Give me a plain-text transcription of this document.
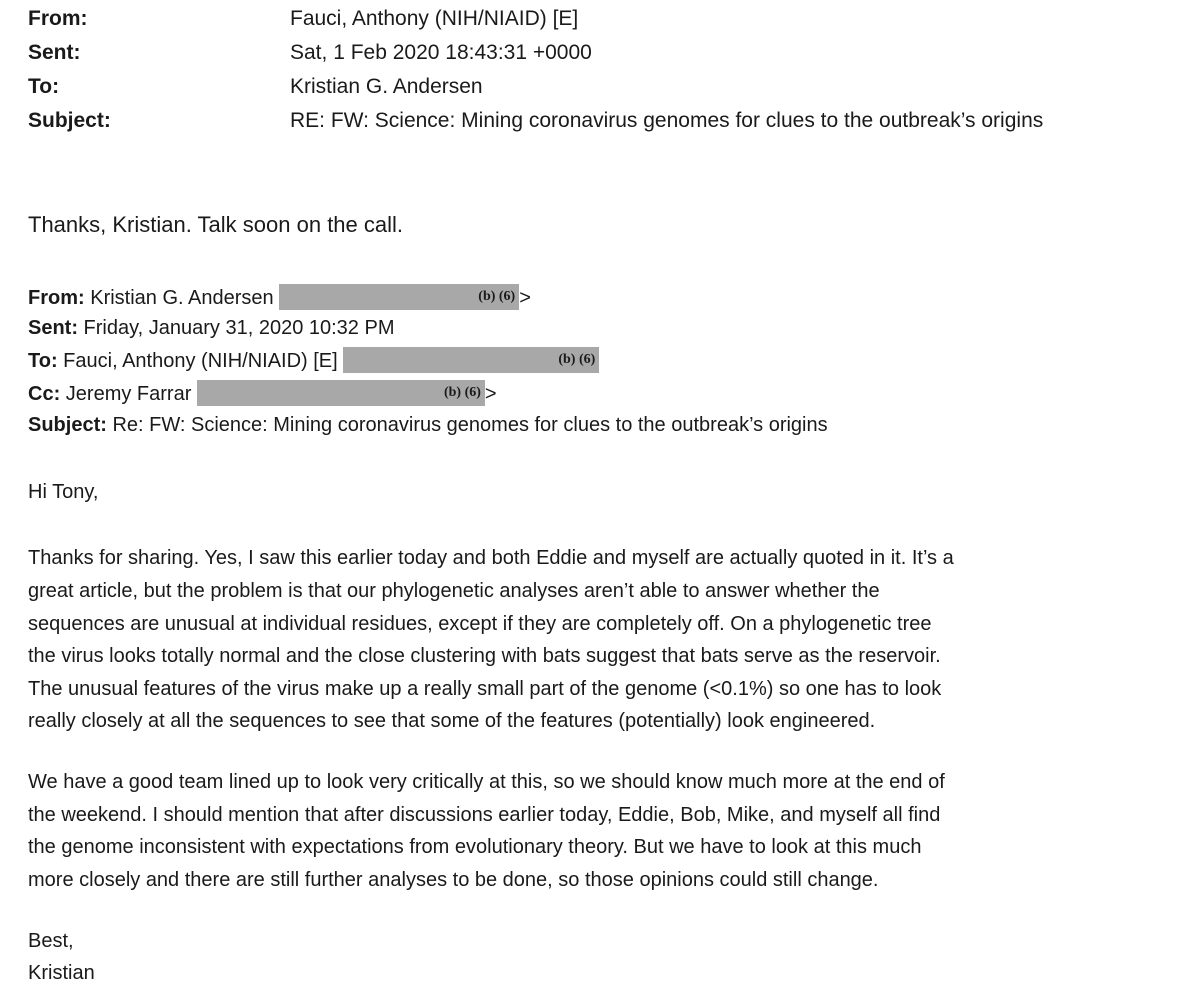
From:	Fauci, Anthony (NIH/NIAID) [E]
Sent:	Sat, 1 Feb 2020 18:43:31 +0000
To:	Kristian G. Andersen
Subject:	RE: FW: Science: Mining coronavirus genomes for clues to the outbreak’s origins
Thanks, Kristian. Talk soon on the call.
From: Kristian G. Andersen	(b) (6) >
Sent: Friday, January 31, 2020 10:32 PM
To: Fauci, Anthony (NIH/NIAID) [E]	(b) (6)
Cc: Jeremy Farrar	(b) (6) >
Subject: Re: FW: Science: Mining coronavirus genomes for clues to the outbreak’s origins
Hi Tony,
Thanks for sharing. Yes, I saw this earlier today and both Eddie and myself are actually quoted in it. It’s a
great article, but the problem is that our phylogenetic analyses aren’t able to answer whether the
sequences are unusual at individual residues, except if they are completely off. On a phylogenetic tree
the virus looks totally normal and the close clustering with bats suggest that bats serve as the reservoir.
The unusual features of the virus make up a really small part of the genome (<0.1%) so one has to look
really closely at all the sequences to see that some of the features (potentially) look engineered.
We have a good team lined up to look very critically at this, so we should know much more at the end of
the weekend. I should mention that after discussions earlier today, Eddie, Bob, Mike, and myself all find
the genome inconsistent with expectations from evolutionary theory. But we have to look at this much
more closely and there are still further analyses to be done, so those opinions could still change.
Best,
Kristian
